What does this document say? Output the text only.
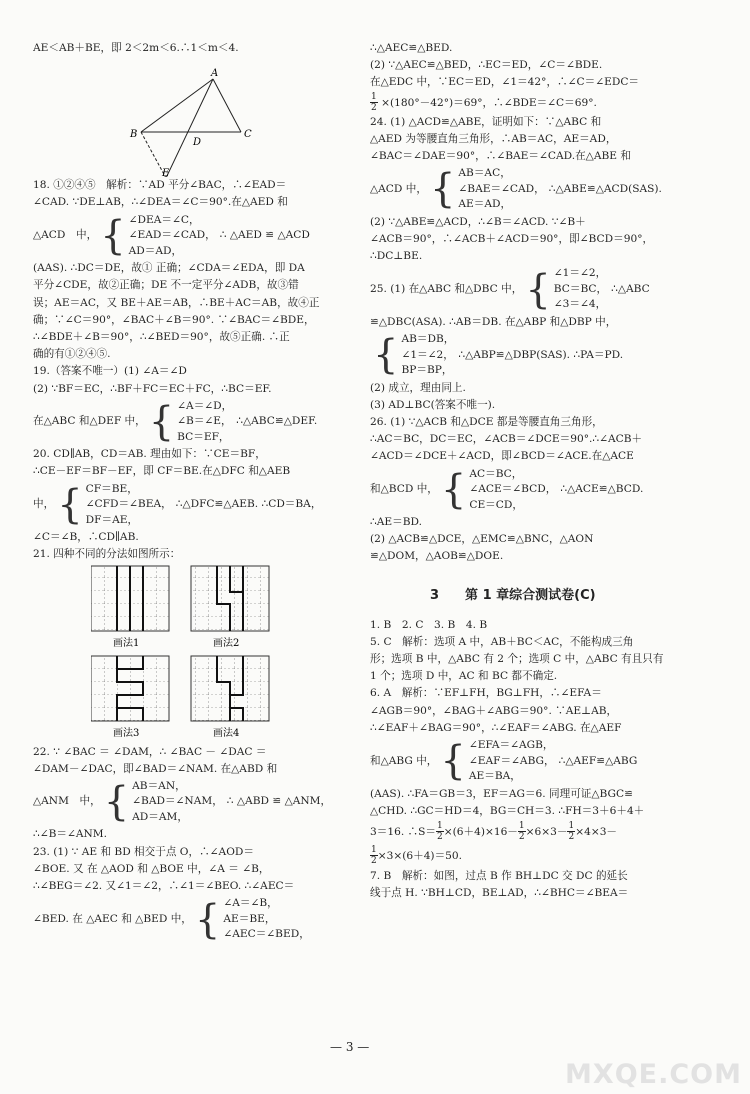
AE＜AB＋BE，即 2＜2m＜6.∴1＜m＜4.

A
B	C
D
E

18. ①②④⑤　解析：∵AD 平分∠BAC，∴∠EAD＝

∠CAD. ∵DE⊥AB，∴∠DEA＝∠C＝90°.在△AED 和

△ACD　中， { ∠DEA＝∠C，
∠EAD＝∠CAD，
AD＝AD，
∴ △AED ≌ △ACD

(AAS). ∴DC＝DE，故① 正确；∠CDA＝∠EDA，即 DA

平分∠CDE，故②正确；DE 不一定平分∠ADB，故③错

误；AE＝AC，又 BE＋AE＝AB，∴BE＋AC＝AB，故④正

确；∵∠C＝90°，∠BAC＋∠B＝90°. ∵∠BAC＝∠BDE，

∴∠BDE＋∠B＝90°，∴∠BED＝90°，故⑤正确. ∴正

确的有①②④⑤.

19.（答案不唯一）(1) ∠A＝∠D

(2) ∵BF＝EC，∴BF＋FC＝EC＋FC，∴BC＝EF.

在△ABC 和△DEF 中， { ∠A＝∠D，
∠B＝∠E，
BC＝EF，
∴△ABC≌△DEF.

20. CD∥AB，CD＝AB. 理由如下：∵CE＝BF，

∴CE－EF＝BF－EF，即 CF＝BE.在△DFC 和△AEB

中， { CF＝BE，
∠CFD＝∠BEA，
DF＝AE，
∴△DFC≌△AEB. ∴CD＝BA，

∠C＝∠B，∴CD∥AB.

21. 四种不同的分法如图所示：

画法1	画法2
画法3	画法4

22. ∵ ∠BAC ＝ ∠DAM，∴ ∠BAC － ∠DAC ＝

∠DAM－∠DAC，即∠BAD＝∠NAM. 在△ABD 和

△ANM　中， { AB＝AN，
∠BAD＝∠NAM，
AD＝AM，
∴ △ABD ≌ △ANM，

∴∠B＝∠ANM.

23. (1) ∵ AE 和 BD 相交于点 O，∴∠AOD＝

∠BOE. 又 在 △AOD 和 △BOE 中，∠A ＝ ∠B，

∴∠BEG＝∠2. 又∠1＝∠2，∴∠1＝∠BEO. ∴∠AEC＝

∠BED. 在 △AEC 和 △BED 中， { ∠A＝∠B，
AE＝BE，
∠AEC＝∠BED，

∴△AEC≌△BED.

(2) ∵△AEC≌△BED，∴EC＝ED，∠C＝∠BDE.

在△EDC 中，∵EC＝ED，∠1＝42°，∴∠C＝∠EDC＝

$\frac{1}{2} \times(180^\circ-42^\circ)=69^\circ$，∴∠BDE＝∠C＝69°.

24. (1) △ACD≌△ABE，证明如下：∵△ABC 和

△AED 为等腰直角三角形，∴AB＝AC，AE＝AD，

∠BAC＝∠DAE＝90°，∴∠BAE＝∠CAD.在△ABE 和

△ACD 中， { AB＝AC，
∠BAE＝∠CAD，
AE＝AD，
∴△ABE≌△ACD(SAS).

(2) ∵△ABE≌△ACD，∴∠B＝∠ACD. ∵∠B＋

∠ACB＝90°，∴∠ACB＋∠ACD＝90°，即∠BCD＝90°，

∴DC⊥BE.

25. (1) 在△ABC 和△DBC 中， { ∠1＝∠2，
BC＝BC，
∠3＝∠4，
∴△ABC

≌△DBC(ASA). ∴AB＝DB. 在△ABP 和△DBP 中，

{ AB＝DB，
∠1＝∠2，
BP＝BP，
∴△ABP≌△DBP(SAS). ∴PA＝PD.

(2) 成立，理由同上.

(3) AD⊥BC(答案不唯一).

26. (1) ∵△ACB 和△DCE 都是等腰直角三角形，

∴AC＝BC，DC＝EC，∠ACB＝∠DCE＝90°.∴∠ACB＋

∠ACD＝∠DCE＋∠ACD，即∠BCD＝∠ACE.在△ACE

和△BCD 中， { AC＝BC，
∠ACE＝∠BCD，
CE＝CD，
∴△ACE≌△BCD.

∴AE＝BD.

(2) △ACB≌△DCE，△EMC≌△BNC，△AON

≌△DOM，△AOB≌△DOE.

3 第 1 章综合测试卷(C)

1. B　2. C　3. B　4. B

5. C　解析：选项 A 中，AB＋BC＜AC，不能构成三角

形；选项 B 中，△ABC 有 2 个；选项 C 中，△ABC 有且只有

1 个；选项 D 中，AC 和 BC 都不确定.

6. A　解析：∵EF⊥FH，BG⊥FH，∴∠EFA＝

∠AGB＝90°，∠BAG＋∠ABG＝90°. ∵AE⊥AB，

∴∠EAF＋∠BAG＝90°，∴∠EAF＝∠ABG. 在△AEF

和△ABG 中， { ∠EFA＝∠AGB，
∠EAF＝∠ABG，
AE＝BA，
∴△AEF≌△ABG

(AAS). ∴FA＝GB＝3，EF＝AG＝6. 同理可证△BGC≌

△CHD. ∴GC＝HD＝4，BG＝CH＝3. ∴FH＝3＋6＋4＋

3＝16. ∴S＝ $\frac{1}{2} \times(6+4)\times 16- \frac{1}{2} \times 6\times 3- \frac{1}{2} \times 4\times 3-$

$\frac{1}{2} \times 3\times(6+4)=50$.

7. B　解析：如图，过点 B 作 BH⊥DC 交 DC 的延长

线于点 H. ∵BH⊥CD，BE⊥AD，∴∠BHC＝∠BEA＝

— 3 —
MXQE.COM
